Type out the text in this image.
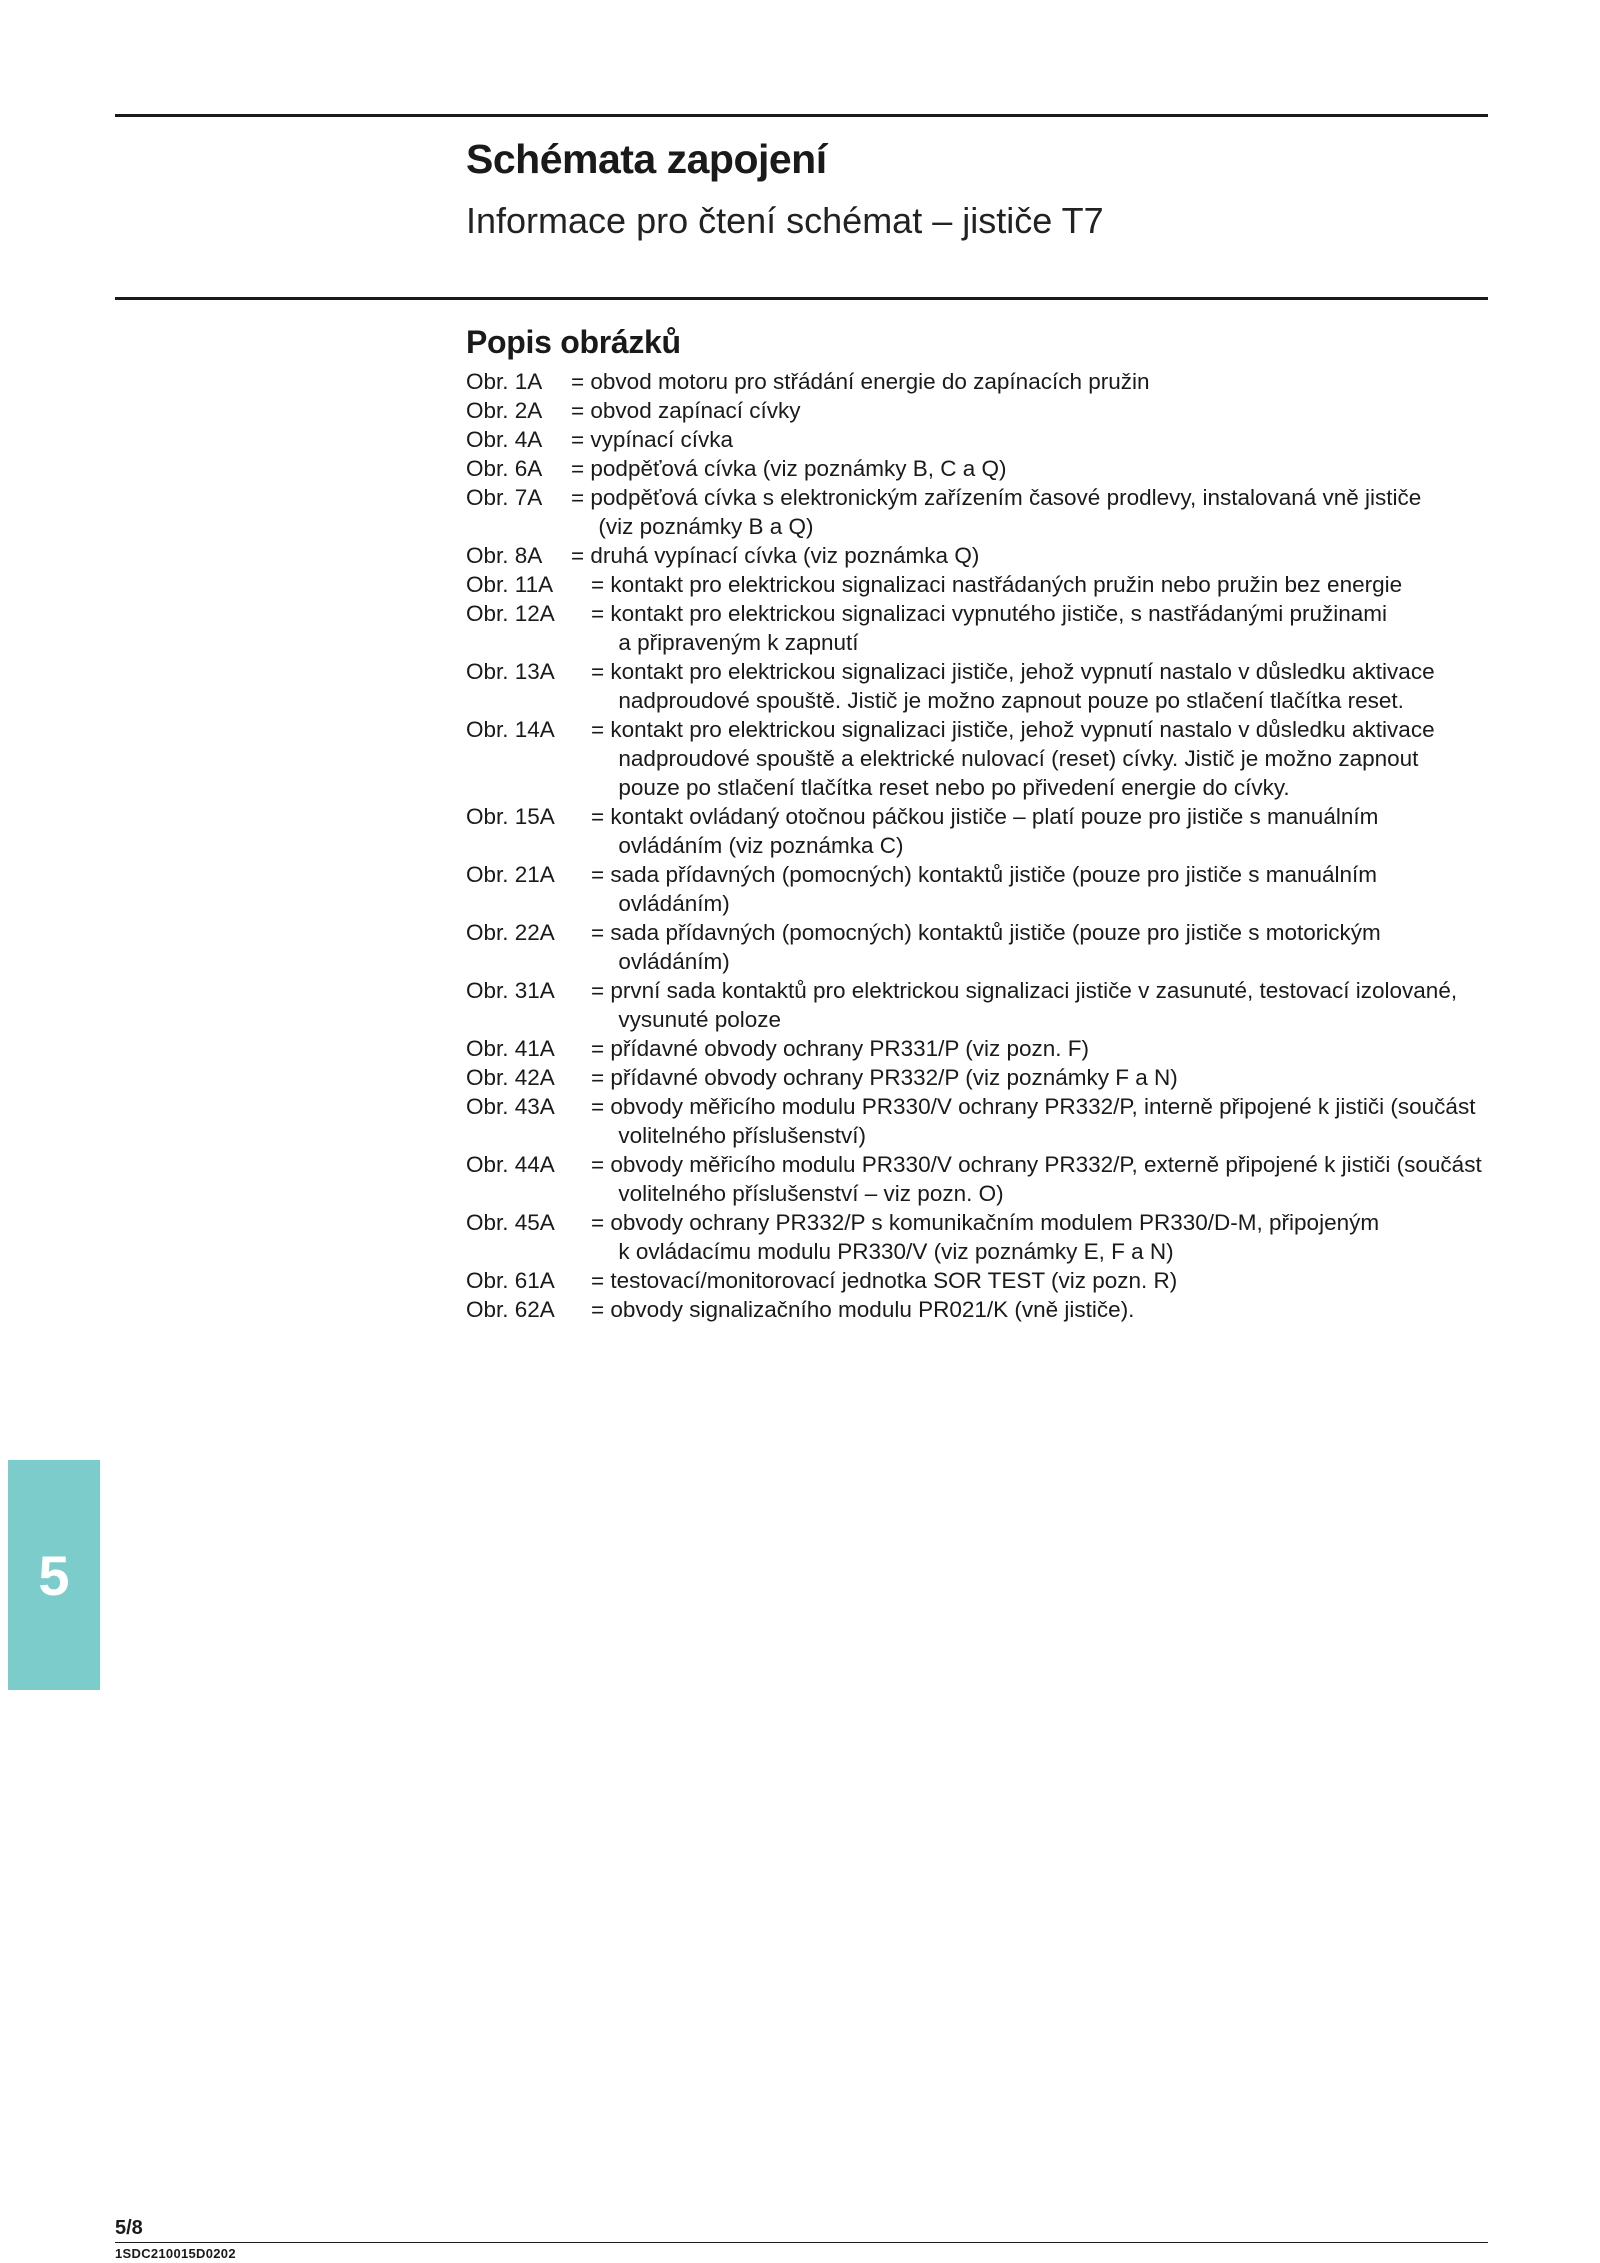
Schémata zapojení
Informace pro čtení schémat – jističe T7
Popis obrázků
Obr. 1A	= obvod motoru pro střádání energie do zapínacích pružin
Obr. 2A	= obvod zapínací cívky
Obr. 4A	= vypínací cívka
Obr. 6A	= podpěťová cívka (viz poznámky B, C a Q)
Obr. 7A	= podpěťová cívka s elektronickým zařízením časové prodlevy, instalovaná vně jističe
(viz poznámky B a Q)
Obr. 8A	= druhá vypínací cívka (viz poznámka Q)
Obr. 11A	= kontakt pro elektrickou signalizaci nastřádaných pružin nebo pružin bez energie
Obr. 12A	= kontakt pro elektrickou signalizaci vypnutého jističe, s nastřádanými pružinami
a připraveným k zapnutí
Obr. 13A	= kontakt pro elektrickou signalizaci jističe, jehož vypnutí nastalo v důsledku aktivace
nadproudové spouště. Jistič je možno zapnout pouze po stlačení tlačítka reset.
Obr. 14A	= kontakt pro elektrickou signalizaci jističe, jehož vypnutí nastalo v důsledku aktivace
nadproudové spouště a elektrické nulovací (reset) cívky. Jistič je možno zapnout
pouze po stlačení tlačítka reset nebo po přivedení energie do cívky.
Obr. 15A	= kontakt ovládaný otočnou páčkou jističe – platí pouze pro jističe s manuálním
ovládáním (viz poznámka C)
Obr. 21A	= sada přídavných (pomocných) kontaktů jističe (pouze pro jističe s manuálním
ovládáním)
Obr. 22A	= sada přídavných (pomocných) kontaktů jističe (pouze pro jističe s motorickým
ovládáním)
Obr. 31A	= první sada kontaktů pro elektrickou signalizaci jističe v zasunuté, testovací izolované,
vysunuté poloze
Obr. 41A	= přídavné obvody ochrany PR331/P (viz pozn. F)
Obr. 42A	= přídavné obvody ochrany PR332/P (viz poznámky F a N)
Obr. 43A	= obvody měřicího modulu PR330/V ochrany PR332/P, interně připojené k jističi (součást
volitelného příslušenství)
Obr. 44A	= obvody měřicího modulu PR330/V ochrany PR332/P, externě připojené k jističi (součást
volitelného příslušenství – viz pozn. O)
Obr. 45A	= obvody ochrany PR332/P s komunikačním modulem PR330/D-M, připojeným
k ovládacímu modulu PR330/V (viz poznámky E, F a N)
Obr. 61A	= testovací/monitorovací jednotka SOR TEST (viz pozn. R)
Obr. 62A	= obvody signalizačního modulu PR021/K (vně jističe).
5
5/8
1SDC210015D0202
